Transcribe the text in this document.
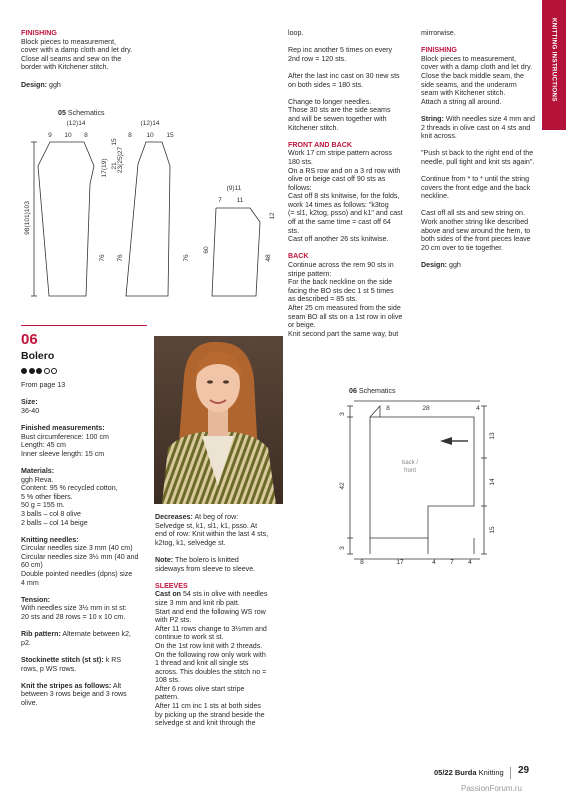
KNITTING INSTRUCTIONS
FINISHING

Block pieces to measurement,
cover with a damp cloth and let dry.
Close all seams and sew on the
border with Kitchener stitch.

Design: ggh

05 Schematics
(12)14
9 10 8
15
17(19) 21
98(101)103
76
(12)14
8 10 15
23(25)27
76	76
(9)11
7 11
12
60
48
06
Bolero

From page 13

Size:
36-40

Finished measurements:
Bust circumference: 100 cm
Length: 45 cm
Inner sleeve length: 15 cm

Materials:
ggh Reva.
Content: 95 % recycled cotton,
5 % other fibers.
50 g = 155 m.
3 balls – col 8 olive
2 balls – col 14 beige

Knitting needles:
Circular needles size 3 mm (40 cm)
Circular needles size 3½ mm (40 and
60 cm)
Double pointed needles (dpns) size
4 mm

Tension:
With needles size 3½ mm in st st:
20 sts and 28 rows = 10 x 10 cm.

Rib pattern: Alternate between k2,
p2.

Stockinette stitch (st st): k RS
rows, p WS rows.

Knit the stripes as follows: Alt
between 3 rows beige and 3 rows
olive.

Decreases: At beg of row:
Selvedge st, k1, sl1, k1, psso. At
end of row: Knit within the last 4 sts,
k2tog, k1, selvedge st.

Note: The bolero is knitted
sideways from sleeve to sleeve.

SLEEVES

Cast on 54 sts in olive with needles
size 3 mm and knit rib patt.
Start and end the following WS row
with P2 sts.
After 11 rows change to 3½mm and
continue to work st st.
On the 1st row knit with 2 threads.
On the following row only work with
1 thread and knit all single sts
across. This doubles the stitch no =
108 sts.
After 6 rows olive start stripe
pattern.
After 11 cm inc 1 sts at both sides
by picking up the strand beside the
selvedge st and knit through the

loop.

Rep inc another 5 times on every
2nd row = 120 sts.

After the last inc cast on 30 new sts
on both sides = 180 sts.

Change to longer needles.
Those 30 sts are the side seams
and will be sewen together with
Kitchener stitch.

FRONT AND BACK

Work 17 cm stripe pattern across
180 sts.
On a RS row and on a 3 rd row with
olive or beige cast off 90 sts as
follows:
Cast off 8 sts knitwise, for the folds,
work 14 times as follows: "k3tog
(= sl1, k2tog, psso) and k1" and cast
off at the same time = cast off 64
sts.
Cast off another 26 sts knitwise.

BACK

Continue across the rem 90 sts in
stripe pattern:
For the back neckline on the side
facing the BO sts dec 1 st 5 times
as described = 85 sts.
After 25 cm measured from the side
seam BO all sts on a 1st row in olive
or beige.
Knit second part the same way, but

mirrorwise.

FINISHING

Block pieces to measurement,
cover with a damp cloth and let dry.
Close the back middle seam, the
side seams, and the underarm
seam with Kitchener stitch.
Attach a string all around.

String: With needles size 4 mm and
2 threads in olive cast on 4 sts and
knit across.

"Push st back to the right end of the
needle, pull tight and knit sts again".

Continue from * to * until the string
covers the front edge and the back
neckline.

Cast off all sts and sew string on.
Work another string like described
above and sew around the hem, to
both sides of the front pieces leave
20 cm over to tie together.

Design: ggh

06 Schematics
8	28	4
8	17	4 7 4
3
42
3
13
14
15
back /
front
05/22 Burda Knitting 29
PassionForum.ru
